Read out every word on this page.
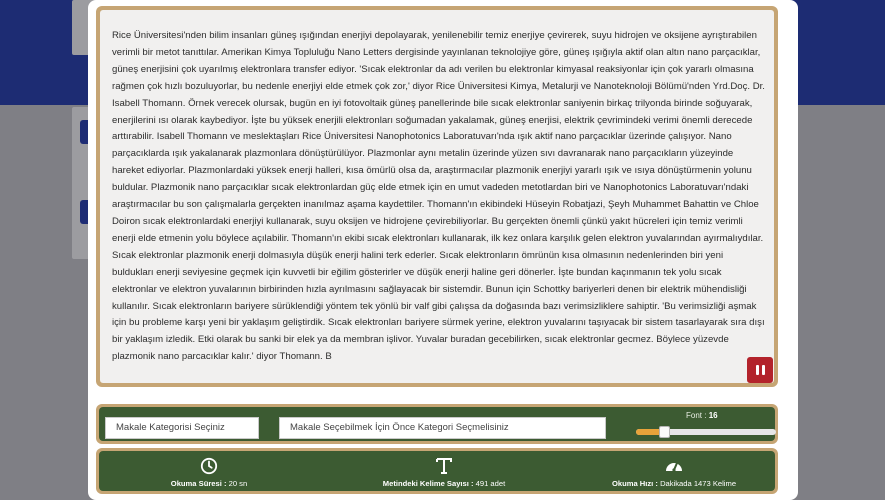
Rice Üniversitesi'nden bilim insanları güneş ışığından enerjiyi depolayarak, yenilenebilir temiz enerjiye çevirerek, suyu hidrojen ve oksijene ayrıştırabilen verimli bir metot tanıttılar. Amerikan Kimya Topluluğu Nano Letters dergisinde yayınlanan teknolojiye göre, güneş ışığıyla aktif olan altın nano parçacıklar, güneş enerjisini çok uyarılmış elektronlara transfer ediyor. 'Sıcak elektronlar da adı verilen bu elektronlar kimyasal reaksiyonlar için çok yararlı olmasına rağmen çok hızlı bozuluyorlar, bu nedenle enerjiyi elde etmek çok zor,' diyor Rice Üniversitesi Kimya, Metalurji ve Nanoteknoloji Bölümü'nden Yrd.Doç. Dr. Isabell Thomann. Örnek verecek olursak, bugün en iyi fotovoltaik güneş panellerinde bile sıcak elektronlar saniyenin birkaç trilyonda birinde soğuyarak, enerjilerini ısı olarak kaybediyor. İşte bu yüksek enerjili elektronları soğumadan yakalamak, güneş enerjisi, elektrik çevrimindeki verimi önemli derecede arttırabilir. Isabell Thomann ve meslektaşları Rice Üniversitesi Nanophotonics Laboratuvarı'nda ışık aktif nano parçacıklar üzerinde çalışıyor. Nano parçacıklarda ışık yakalanarak plazmonlara dönüştürülüyor. Plazmonlar aynı metalin üzerinde yüzen sıvı davranarak nano parçacıkların yüzeyinde hareket ediyorlar. Plazmonlardaki yüksek enerji halleri, kısa ömürlü olsa da, araştırmacılar plazmonik enerjiyi yararlı ışık ve ısıya dönüştürmenin yolunu buldular. Plazmonik nano parçacıklar sıcak elektronlardan güç elde etmek için en umut vadeden metotlardan biri ve Nanophotonics Laboratuvarı'ndaki araştırmacılar bu son çalışmalarla gerçekten inanılmaz aşama kaydettiler. Thomann'ın ekibindeki Hüseyin Robatjazi, Şeyh Muhammet Bahattin ve Chloe Doiron sıcak elektronlardaki enerjiyi kullanarak, suyu oksijen ve hidrojene çevirebiliyorlar. Bu gerçekten önemli çünkü yakıt hücreleri için temiz verimli enerji elde etmenin yolu böylece açılabilir. Thomann'ın ekibi sıcak elektronları kullanarak, ilk kez onlara karşılık gelen elektron yuvalarından ayırmalıydılar. Sıcak elektronlar plazmonik enerji dolmasıyla düşük enerji halini terk ederler. Sıcak elektronların ömrünün kısa olmasının nedenlerinden biri yeni buldukları enerji seviyesine geçmek için kuvvetli bir eğilim gösterirler ve düşük enerji haline geri dönerler. İşte bundan kaçınmanın tek yolu sıcak elektronlar ve elektron yuvalarının birbirinden hızla ayrılmasını sağlayacak bir sistemdir. Bunun için Schottky bariyerleri denen bir elektrik mühendisliği kullanılır. Sıcak elektronların bariyere sürüklendiği yöntem tek yönlü bir valf gibi çalışsa da doğasında bazı verimsizliklere sahiptir. 'Bu verimsizliği aşmak için bu probleme karşı yeni bir yaklaşım geliştirdik. Sıcak elektronları bariyere sürmek yerine, elektron yuvalarını taşıyacak bir sistem tasarlayarak sıra dışı bir yaklaşım izledik. Etki olarak bu sanki bir elek ya da membran işlivor. Yuvalar buradan gecebilirken, sıcak elektronlar gecmez. Böylece yüzevde plazmonik nano parcacıklar kalır.' diyor Thomann. B

Makale Kategorisi Seçiniz	Makale Seçebilmek İçin Önce Kategori Seçmelisiniz
Font : 16
Okuma Süresi : 20 sn	Metindeki Kelime Sayısı : 491 adet	Okuma Hızı : Dakikada 1473 Kelime
